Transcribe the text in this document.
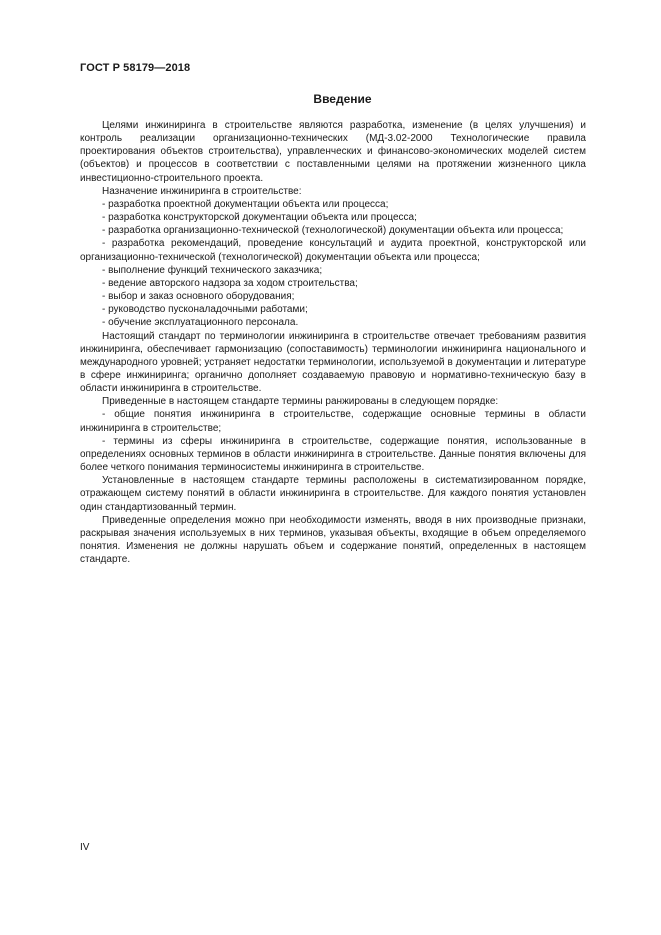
ГОСТ Р 58179—2018
Введение

Целями инжиниринга в строительстве являются разработка, изменение (в целях улучшения) и контроль реализации организационно-технических (МД-3.02-2000 Технологические правила проектирования объектов строительства), управленческих и финансово-экономических моделей систем (объектов) и процессов в соответствии с поставленными целями на протяжении жизненного цикла инвестиционно-строительного проекта.

Назначение инжиниринга в строительстве:

- разработка проектной документации объекта или процесса;

- разработка конструкторской документации объекта или процесса;

- разработка организационно-технической (технологической) документации объекта или процесса;

- разработка рекомендаций, проведение консультаций и аудита проектной, конструкторской или организационно-технической (технологической) документации объекта или процесса;

- выполнение функций технического заказчика;

- ведение авторского надзора за ходом строительства;

- выбор и заказ основного оборудования;

- руководство пусконаладочными работами;

- обучение эксплуатационного персонала.

Настоящий стандарт по терминологии инжиниринга в строительстве отвечает требованиям развития инжиниринга, обеспечивает гармонизацию (сопоставимость) терминологии инжиниринга национального и международного уровней; устраняет недостатки терминологии, используемой в документации и литературе в сфере инжиниринга; органично дополняет создаваемую правовую и нормативно-техническую базу в области инжиниринга в строительстве.

Приведенные в настоящем стандарте термины ранжированы в следующем порядке:

- общие понятия инжиниринга в строительстве, содержащие основные термины в области инжиниринга в строительстве;

- термины из сферы инжиниринга в строительстве, содержащие понятия, использованные в определениях основных терминов в области инжиниринга в строительстве. Данные понятия включены для более четкого понимания терминосистемы инжиниринга в строительстве.

Установленные в настоящем стандарте термины расположены в систематизированном порядке, отражающем систему понятий в области инжиниринга в строительстве. Для каждого понятия установлен один стандартизованный термин.

Приведенные определения можно при необходимости изменять, вводя в них производные признаки, раскрывая значения используемых в них терминов, указывая объекты, входящие в объем определяемого понятия. Изменения не должны нарушать объем и содержание понятий, определенных в настоящем стандарте.

IV
